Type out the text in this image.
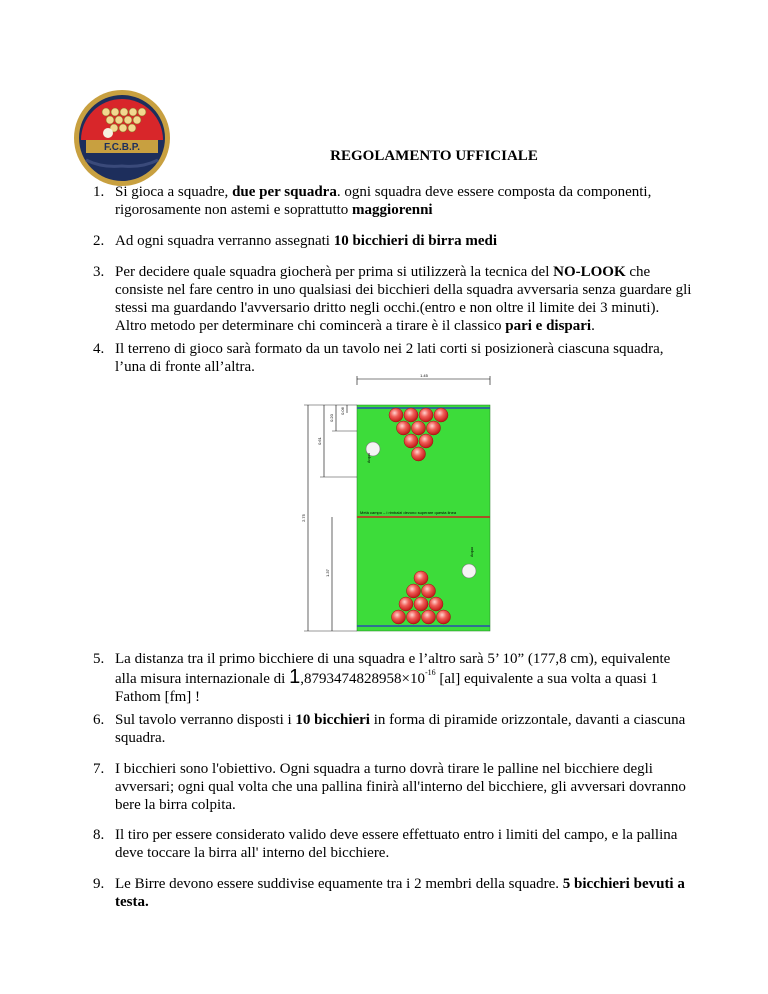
F.C.B.P.
REGOLAMENTO UFFICIALE
1. Si gioca a squadre, due per squadra. ogni squadra deve essere composta da componenti, rigorosamente non astemi e soprattutto maggiorenni
2. Ad ogni squadra verranno assegnati 10 bicchieri di birra medi
3. Per decidere quale squadra giocherà per prima si utilizzerà la tecnica del NO-LOOK che consiste nel fare centro in uno qualsiasi dei bicchieri della squadra avversaria senza guardare gli stessi ma guardando l'avversario dritto negli occhi.(entro e non oltre il limite dei 3 minuti). Altro metodo per determinare chi comincerà a tirare è il classico pari e dispari.
4. Il terreno di gioco sarà formato da un tavolo nei 2 lati corti si posizionerà ciascuna squadra, l’una di fronte all’altra.
1.45
Metà campo – i rimbalzi devono superare questa linea
2.75
0.61
0.20
0.06
1.37
Acqua
Acqua
5. La distanza tra il primo bicchiere di una squadra e l’altro sarà 5’ 10” (177,8 cm), equivalente alla misura internazionale di $1,8793474828958\times 10^{-16}$ [al] equivalente a sua volta a quasi 1 Fathom [fm] !
6. Sul tavolo verranno disposti i 10 bicchieri in forma di piramide orizzontale, davanti a ciascuna squadra.
7. I bicchieri sono l'obiettivo. Ogni squadra a turno dovrà tirare le palline nel bicchiere degli avversari; ogni qual volta che una pallina finirà all'interno del bicchiere, gli avversari dovranno bere la birra colpita.
8. Il tiro per essere considerato valido deve essere effettuato entro i limiti del campo, e la pallina deve toccare la birra all' interno del bicchiere.
9. Le Birre devono essere suddivise equamente tra i 2 membri della squadre. 5 bicchieri bevuti a testa.
